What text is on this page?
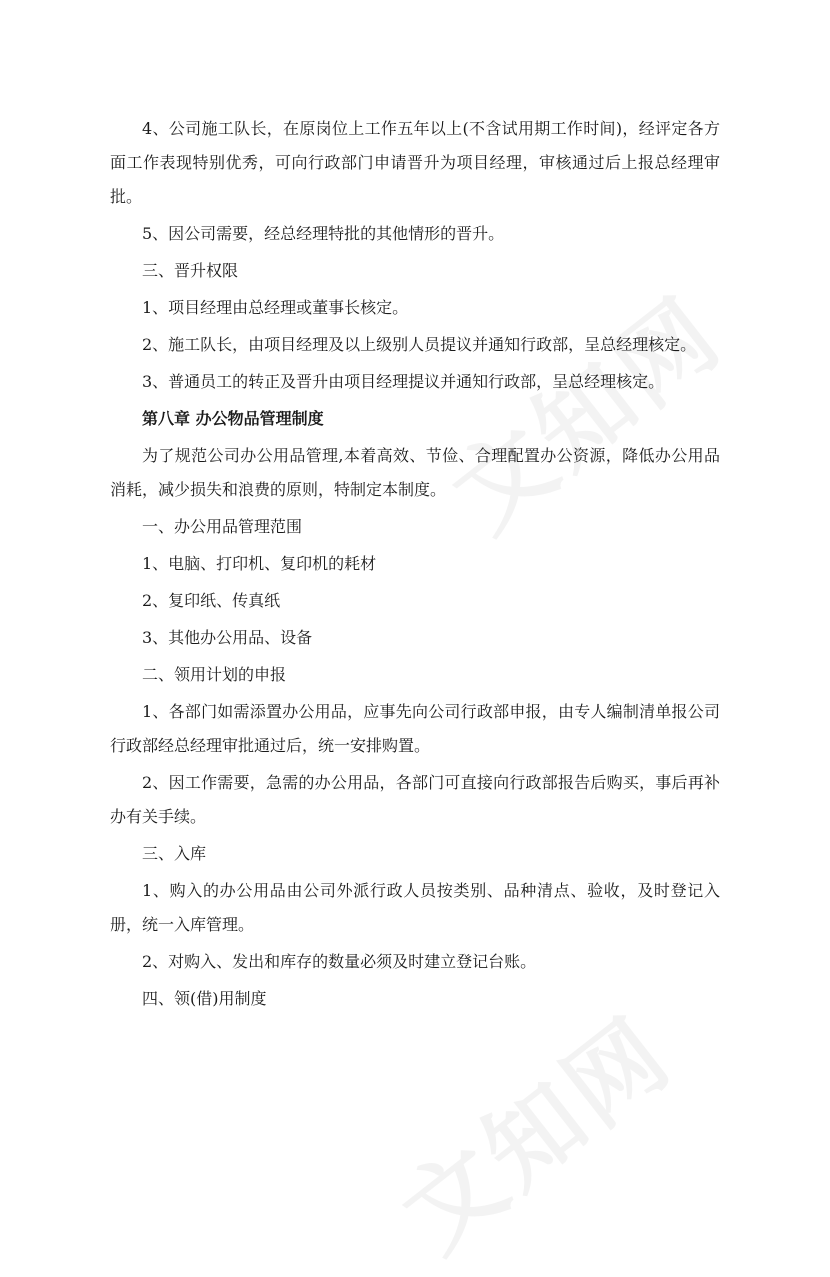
4、公司施工队长，在原岗位上工作五年以上(不含试用期工作时间)，经评定各方面工作表现特别优秀，可向行政部门申请晋升为项目经理，审核通过后上报总经理审批。

5、因公司需要，经总经理特批的其他情形的晋升。

三、晋升权限

1、项目经理由总经理或董事长核定。

2、施工队长，由项目经理及以上级别人员提议并通知行政部，呈总经理核定。

3、普通员工的转正及晋升由项目经理提议并通知行政部，呈总经理核定。

第八章 办公物品管理制度

为了规范公司办公用品管理,本着高效、节俭、合理配置办公资源，降低办公用品消耗，减少损失和浪费的原则，特制定本制度。

一、办公用品管理范围

1、电脑、打印机、复印机的耗材

2、复印纸、传真纸

3、其他办公用品、设备

二、领用计划的申报

1、各部门如需添置办公用品，应事先向公司行政部申报，由专人编制清单报公司行政部经总经理审批通过后，统一安排购置。

2、因工作需要，急需的办公用品，各部门可直接向行政部报告后购买，事后再补办有关手续。

三、入库

1、购入的办公用品由公司外派行政人员按类别、品种清点、验收，及时登记入册，统一入库管理。

2、对购入、发出和库存的数量必须及时建立登记台账。

四、领(借)用制度
